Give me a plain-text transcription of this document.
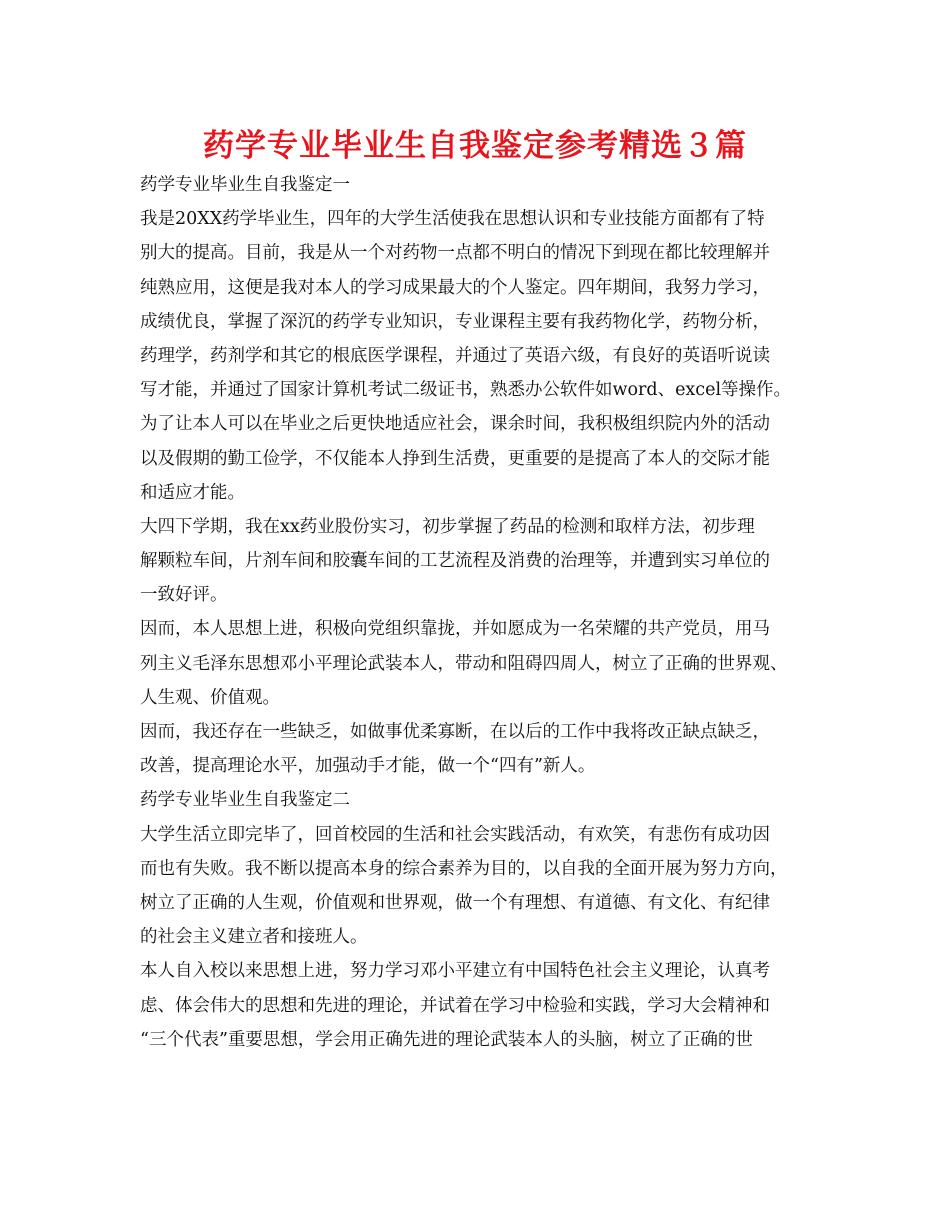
药学专业毕业生自我鉴定参考精选３篇
药学专业毕业生自我鉴定一
我是20XX药学毕业生，四年的大学生活使我在思想认识和专业技能方面都有了特
别大的提高。目前，我是从一个对药物一点都不明白的情况下到现在都比较理解并
纯熟应用，这便是我对本人的学习成果最大的个人鉴定。四年期间，我努力学习，
成绩优良，掌握了深沉的药学专业知识，专业课程主要有我药物化学，药物分析，
药理学，药剂学和其它的根底医学课程，并通过了英语六级，有良好的英语听说读
写才能，并通过了国家计算机考试二级证书，熟悉办公软件如word、excel等操作。
为了让本人可以在毕业之后更快地适应社会，课余时间，我积极组织院内外的活动
以及假期的勤工俭学，不仅能本人挣到生活费，更重要的是提高了本人的交际才能
和适应才能。
大四下学期，我在xx药业股份实习，初步掌握了药品的检测和取样方法，初步理
解颗粒车间，片剂车间和胶囊车间的工艺流程及消费的治理等，并遭到实习单位的
一致好评。
因而，本人思想上进，积极向党组织靠拢，并如愿成为一名荣耀的共产党员，用马
列主义毛泽东思想邓小平理论武装本人，带动和阻碍四周人，树立了正确的世界观、
人生观、价值观。
因而，我还存在一些缺乏，如做事优柔寡断，在以后的工作中我将改正缺点缺乏，
改善，提高理论水平，加强动手才能，做一个“四有”新人。
药学专业毕业生自我鉴定二
大学生活立即完毕了，回首校园的生活和社会实践活动，有欢笑，有悲伤有成功因
而也有失败。我不断以提高本身的综合素养为目的，以自我的全面开展为努力方向，
树立了正确的人生观，价值观和世界观，做一个有理想、有道德、有文化、有纪律
的社会主义建立者和接班人。
本人自入校以来思想上进，努力学习邓小平建立有中国特色社会主义理论，认真考
虑、体会伟大的思想和先进的理论，并试着在学习中检验和实践，学习大会精神和
“三个代表”重要思想，学会用正确先进的理论武装本人的头脑，树立了正确的世
